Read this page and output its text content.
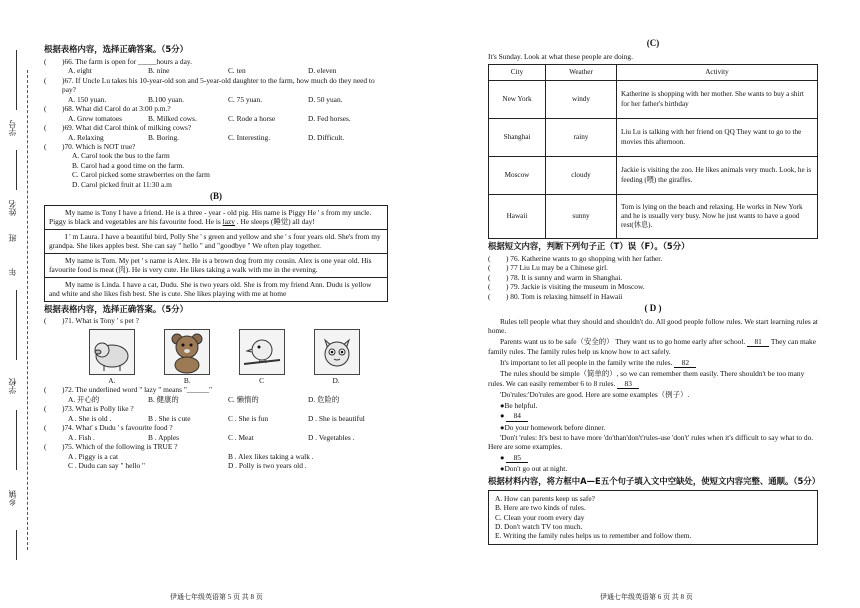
学号
姓名
班
年
学校
乡镇
根据表格内容，选择正确答案。（5分）
(	)66. The farm is open for _____hours a day.
A. eight	B. nine	C. ten	D. eleven
(	)67. If Uncle Lu takes his 10-year-old son and 5-year-old daughter to the farm, how much do they need to pay?
A. 150 yuan.	B.100 yuan.	C. 75 yuan.	D. 50 yuan.
(	)68. What did Carol do at 3:00 p.m.?
A. Grew tomatoes	B. Milked cows.	C. Rode a horse	D. Fed horses.
(	)69. What did Carol think of milking cows?
A. Relaxing	B. Boring.	C. Interesting.	D. Difficult.
(	)70. Which is NOT true?
A. Carol took the bus to the farm
B. Carol had a good time on the farm.
C. Carol picked some strawberries on the farm
D. Carol picked fruit at 11:30 a.m
(B)
My name is Tony I have a friend. He is a three - year - old pig. His name is Piggy He ' s from my uncle. Piggy is black and vegetables are his favourite food. He is lazy . He sleeps (睡觉) all day!
I ' m Laura. I have a beautiful bird, Polly She ' s green and yellow and she ' s four years old. She's from my grandpa. She likes apples best. She can say " hello " and "goodbye " We often play together.
My name is Tom. My pet ' s name is Alex. He is a brown dog from my cousin. Alex is one year old. His favourite food is meat (肉). He is very cute. He likes taking a walk with me in the evening.
My name is Linda. I have a cat, Dudu. She is two years old. She is from my friend Ann. Dudu is yellow and white and she likes fish best. She is cute. She likes playing with me at home
根据表格内容，选择正确答案。（5分）
(	)71. What is Tony ' s pet ?
A.	B.	C	D.
(	)72. The underlined word " lazy " means "______"
A. 开心的	B. 健康的	C. 懒惰的	D. 危险的
(	)73. What is Polly like ?
A . She is old .	B . She is cute	C . She is fun	D . She is beautiful
(	)74. What' s Dudu ' s favourite food ?
A . Fish .	B . Apples	C . Meat	D . Vegetables .
(	)75. Which of the following is TRUE ?
A . Piggy is a cat	B . Alex likes taking a walk .
C . Dudu can say " hello "	D . Polly is two years old .
伊通七年级英语第 5 页 共 8 页
(C)
It's Sunday. Look at what these people are doing.
City	Weather	Activity
New York	windy	Katherine is shopping with her mother. She wants to buy a shirt for her father's birthday
Shanghai	rainy	Liu Lu is talking with her friend on QQ They want to go to the movies this afternoon.
Moscow	cloudy	Jackie is visiting the zoo. He likes animals very much. Look, he is feeding (喂) the giraffes.
Hawaii	sunny	Tom is lying on the beach and relaxing. He works in New York and he is usually very busy. Now he just wants to have a good rest(休息).
根据短文内容，判断下列句子正（T）误（F）。（5分）
(	) 76. Katherine wants to go shopping with her father.
(	) 77 Liu Lu may be a Chinese girl.
(	) 78. It is sunny and warm in Shanghai.
(	) 79. Jackie is visiting the museum in Moscow.
(	) 80. Tom is relaxing himself in Hawaii
( D )
Rules tell people what they should and shouldn't do. All good people follow rules. We start learning rules at home.
Parents want us to be safe（安全的） They want us to go home early after school. 81 They can make family rules. The family rules help us know how to act safely.
It's important to let all people in the family write the rules. 82
The rules should be simple（简单的）, so we can remember them easily. There shouldn't be too many rules. We can easily remember 6 to 8 rules. 83
'Do'rules:'Do'rules are good. Here are some examples（例子）.
●Be helpful.
● 84
●Do your homework before dinner.
'Don't 'rules: It's best to have more 'do'than'don't'rules-use 'don't' rules when it's difficult to say what to do. Here are some examples.
● 85
●Don't go out at night.
根据材料内容，将方框中A—E五个句子填入文中空缺处，使短文内容完整、通顺。（5分）
A. How can parents keep us safe?
B. Here are two kinds of rules.
C. Clean your room every day
D. Don't watch TV too much.
E. Writing the family rules helps us to remember and follow them.
伊通七年级英语第 6 页 共 8 页
